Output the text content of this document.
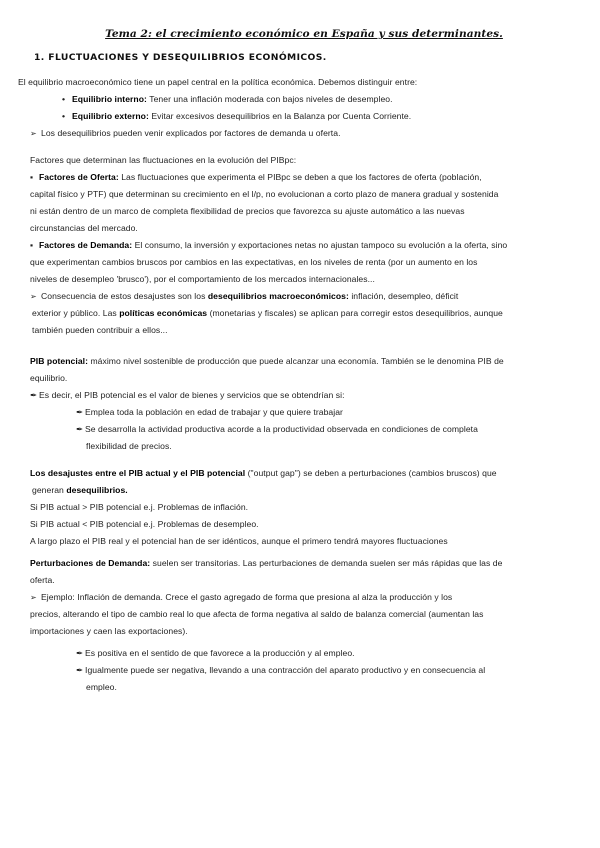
Tema 2: el crecimiento económico en España y sus determinantes.
1. FLUCTUACIONES Y DESEQUILIBRIOS ECONÓMICOS.

El equilibrio macroeconómico tiene un papel central en la política económica. Debemos distinguir entre:

• Equilibrio interno: Tener una inflación moderada con bajos niveles de desempleo.

• Equilibrio externo: Evitar excesivos desequilibrios en la Balanza por Cuenta Corriente.

➢ Los desequilibrios pueden venir explicados por factores de demanda u oferta.

Factores que determinan las fluctuaciones en la evolución del PIBpc:

▪ Factores de Oferta: Las fluctuaciones que experimenta el PIBpc se deben a que los factores de oferta (población,

capital físico y PTF) que determinan su crecimiento en el l/p, no evolucionan a corto plazo de manera gradual y sostenida

ni están dentro de un marco de completa flexibilidad de precios que favorezca su ajuste automático a las nuevas

circunstancias del mercado.

▪ Factores de Demanda: El consumo, la inversión y exportaciones netas no ajustan tampoco su evolución a la oferta, sino

que experimentan cambios bruscos por cambios en las expectativas, en los niveles de renta (por un aumento en los

niveles de desempleo 'brusco'), por el comportamiento de los mercados internacionales...

➢ Consecuencia de estos desajustes son los desequilibrios macroeconómicos: inflación, desempleo, déficit

exterior y público. Las políticas económicas (monetarias y fiscales) se aplican para corregir estos desequilibrios, aunque

también pueden contribuir a ellos...

PIB potencial: máximo nivel sostenible de producción que puede alcanzar una economía. También se le denomina PIB de

equilibrio.

✒ Es decir, el PIB potencial es el valor de bienes y servicios que se obtendrían si:

✒ Emplea toda la población en edad de trabajar y que quiere trabajar

✒ Se desarrolla la actividad productiva acorde a la productividad observada en condiciones de completa

flexibilidad de precios.

Los desajustes entre el PIB actual y el PIB potencial ("output gap") se deben a perturbaciones (cambios bruscos) que

generan desequilibrios.

Si PIB actual > PIB potencial e.j. Problemas de inflación.

Si PIB actual < PIB potencial e.j. Problemas de desempleo.

A largo plazo el PIB real y el potencial han de ser idénticos, aunque el primero tendrá mayores fluctuaciones

Perturbaciones de Demanda: suelen ser transitorias. Las perturbaciones de demanda suelen ser más rápidas que las de

oferta.

➢ Ejemplo: Inflación de demanda. Crece el gasto agregado de forma que presiona al alza la producción y los

precios, alterando el tipo de cambio real lo que afecta de forma negativa al saldo de balanza comercial (aumentan las

importaciones y caen las exportaciones).

✒ Es positiva en el sentido de que favorece a la producción y al empleo.

✒ Igualmente puede ser negativa, llevando a una contracción del aparato productivo y en consecuencia al

empleo.
